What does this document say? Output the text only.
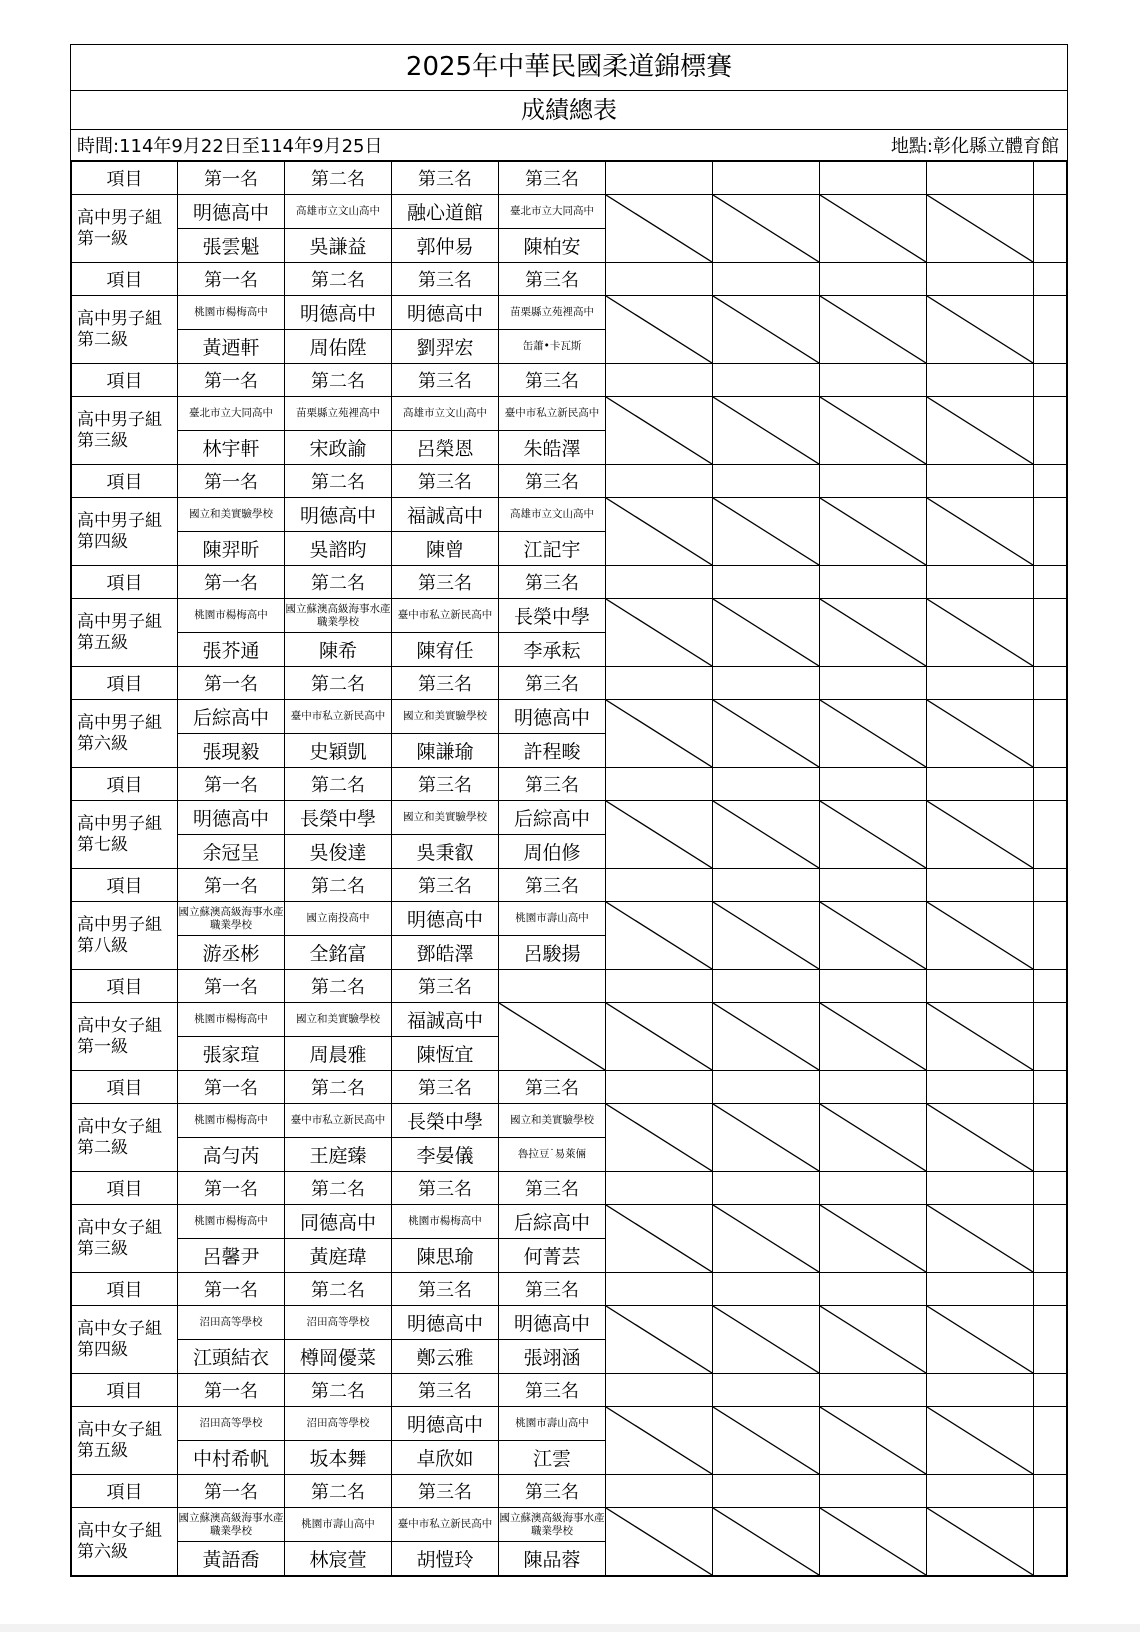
2025年中華民國柔道錦標賽
成績總表
時間:114年9月22日至114年9月25日	地點:彰化縣立體育館
項目	第一名	第二名	第三名	第三名					
高中男子組第一級	明德高中	高雄市立文山高中	融心道館	臺北市立大同高中	

	張雲魁	吳謙益	郭仲易	陳柏安					
項目	第一名	第二名	第三名	第三名					
高中男子組第二級	桃園市楊梅高中	明德高中	明德高中	苗栗縣立苑裡高中	

	黃迺軒	周佑陞	劉羿宏	缶蕭•卡瓦斯					
項目	第一名	第二名	第三名	第三名					
高中男子組第三級	臺北市立大同高中	苗栗縣立苑裡高中	高雄市立文山高中	臺中市私立新民高中	

	林宇軒	宋政諭	呂榮恩	朱皓澤					
項目	第一名	第二名	第三名	第三名					
高中男子組第四級	國立和美實驗學校	明德高中	福誠高中	高雄市立文山高中	

	陳羿昕	吳諮昀	陳曾	江記宇					
項目	第一名	第二名	第三名	第三名					
高中男子組第五級	桃園市楊梅高中	國立蘇澳高級海事水產職業學校	臺中市私立新民高中	長榮中學	

	張芥通	陳希	陳宥任	李承耘					
項目	第一名	第二名	第三名	第三名					
高中男子組第六級	后綜高中	臺中市私立新民高中	國立和美實驗學校	明德高中	

	張現毅	史穎凱	陳謙瑜	許程畯					
項目	第一名	第二名	第三名	第三名					
高中男子組第七級	明德高中	長榮中學	國立和美實驗學校	后綜高中	

	余冠呈	吳俊達	吳秉叡	周伯修					
項目	第一名	第二名	第三名	第三名					
高中男子組第八級	國立蘇澳高級海事水產職業學校	國立南投高中	明德高中	桃園市壽山高中	

	游丞彬	全銘富	鄧皓澤	呂駿揚					
項目	第一名	第二名	第三名						
高中女子組第一級	桃園市楊梅高中	國立和美實驗學校	福誠高中	

	張家瑄	周晨雅	陳恆宜						
項目	第一名	第二名	第三名	第三名					
高中女子組第二級	桃園市楊梅高中	臺中市私立新民高中	長榮中學	國立和美實驗學校	

	高勻芮	王庭臻	李晏儀	魯拉豆˙易萊倆					
項目	第一名	第二名	第三名	第三名					
高中女子組第三級	桃園市楊梅高中	同德高中	桃園市楊梅高中	后綜高中	

	呂馨尹	黃庭瑋	陳思瑜	何菁芸					
項目	第一名	第二名	第三名	第三名					
高中女子組第四級	沼田高等學校	沼田高等學校	明德高中	明德高中	

	江頭結衣	樽岡優菜	鄭云雅	張翊涵					
項目	第一名	第二名	第三名	第三名					
高中女子組第五級	沼田高等學校	沼田高等學校	明德高中	桃園市壽山高中	

	中村希帆	坂本舞	卓欣如	江雲					
項目	第一名	第二名	第三名	第三名					
高中女子組第六級	國立蘇澳高級海事水產職業學校	桃園市壽山高中	臺中市私立新民高中	國立蘇澳高級海事水產職業學校	

	黃語喬	林宸萱	胡愷玲	陳品蓉					
